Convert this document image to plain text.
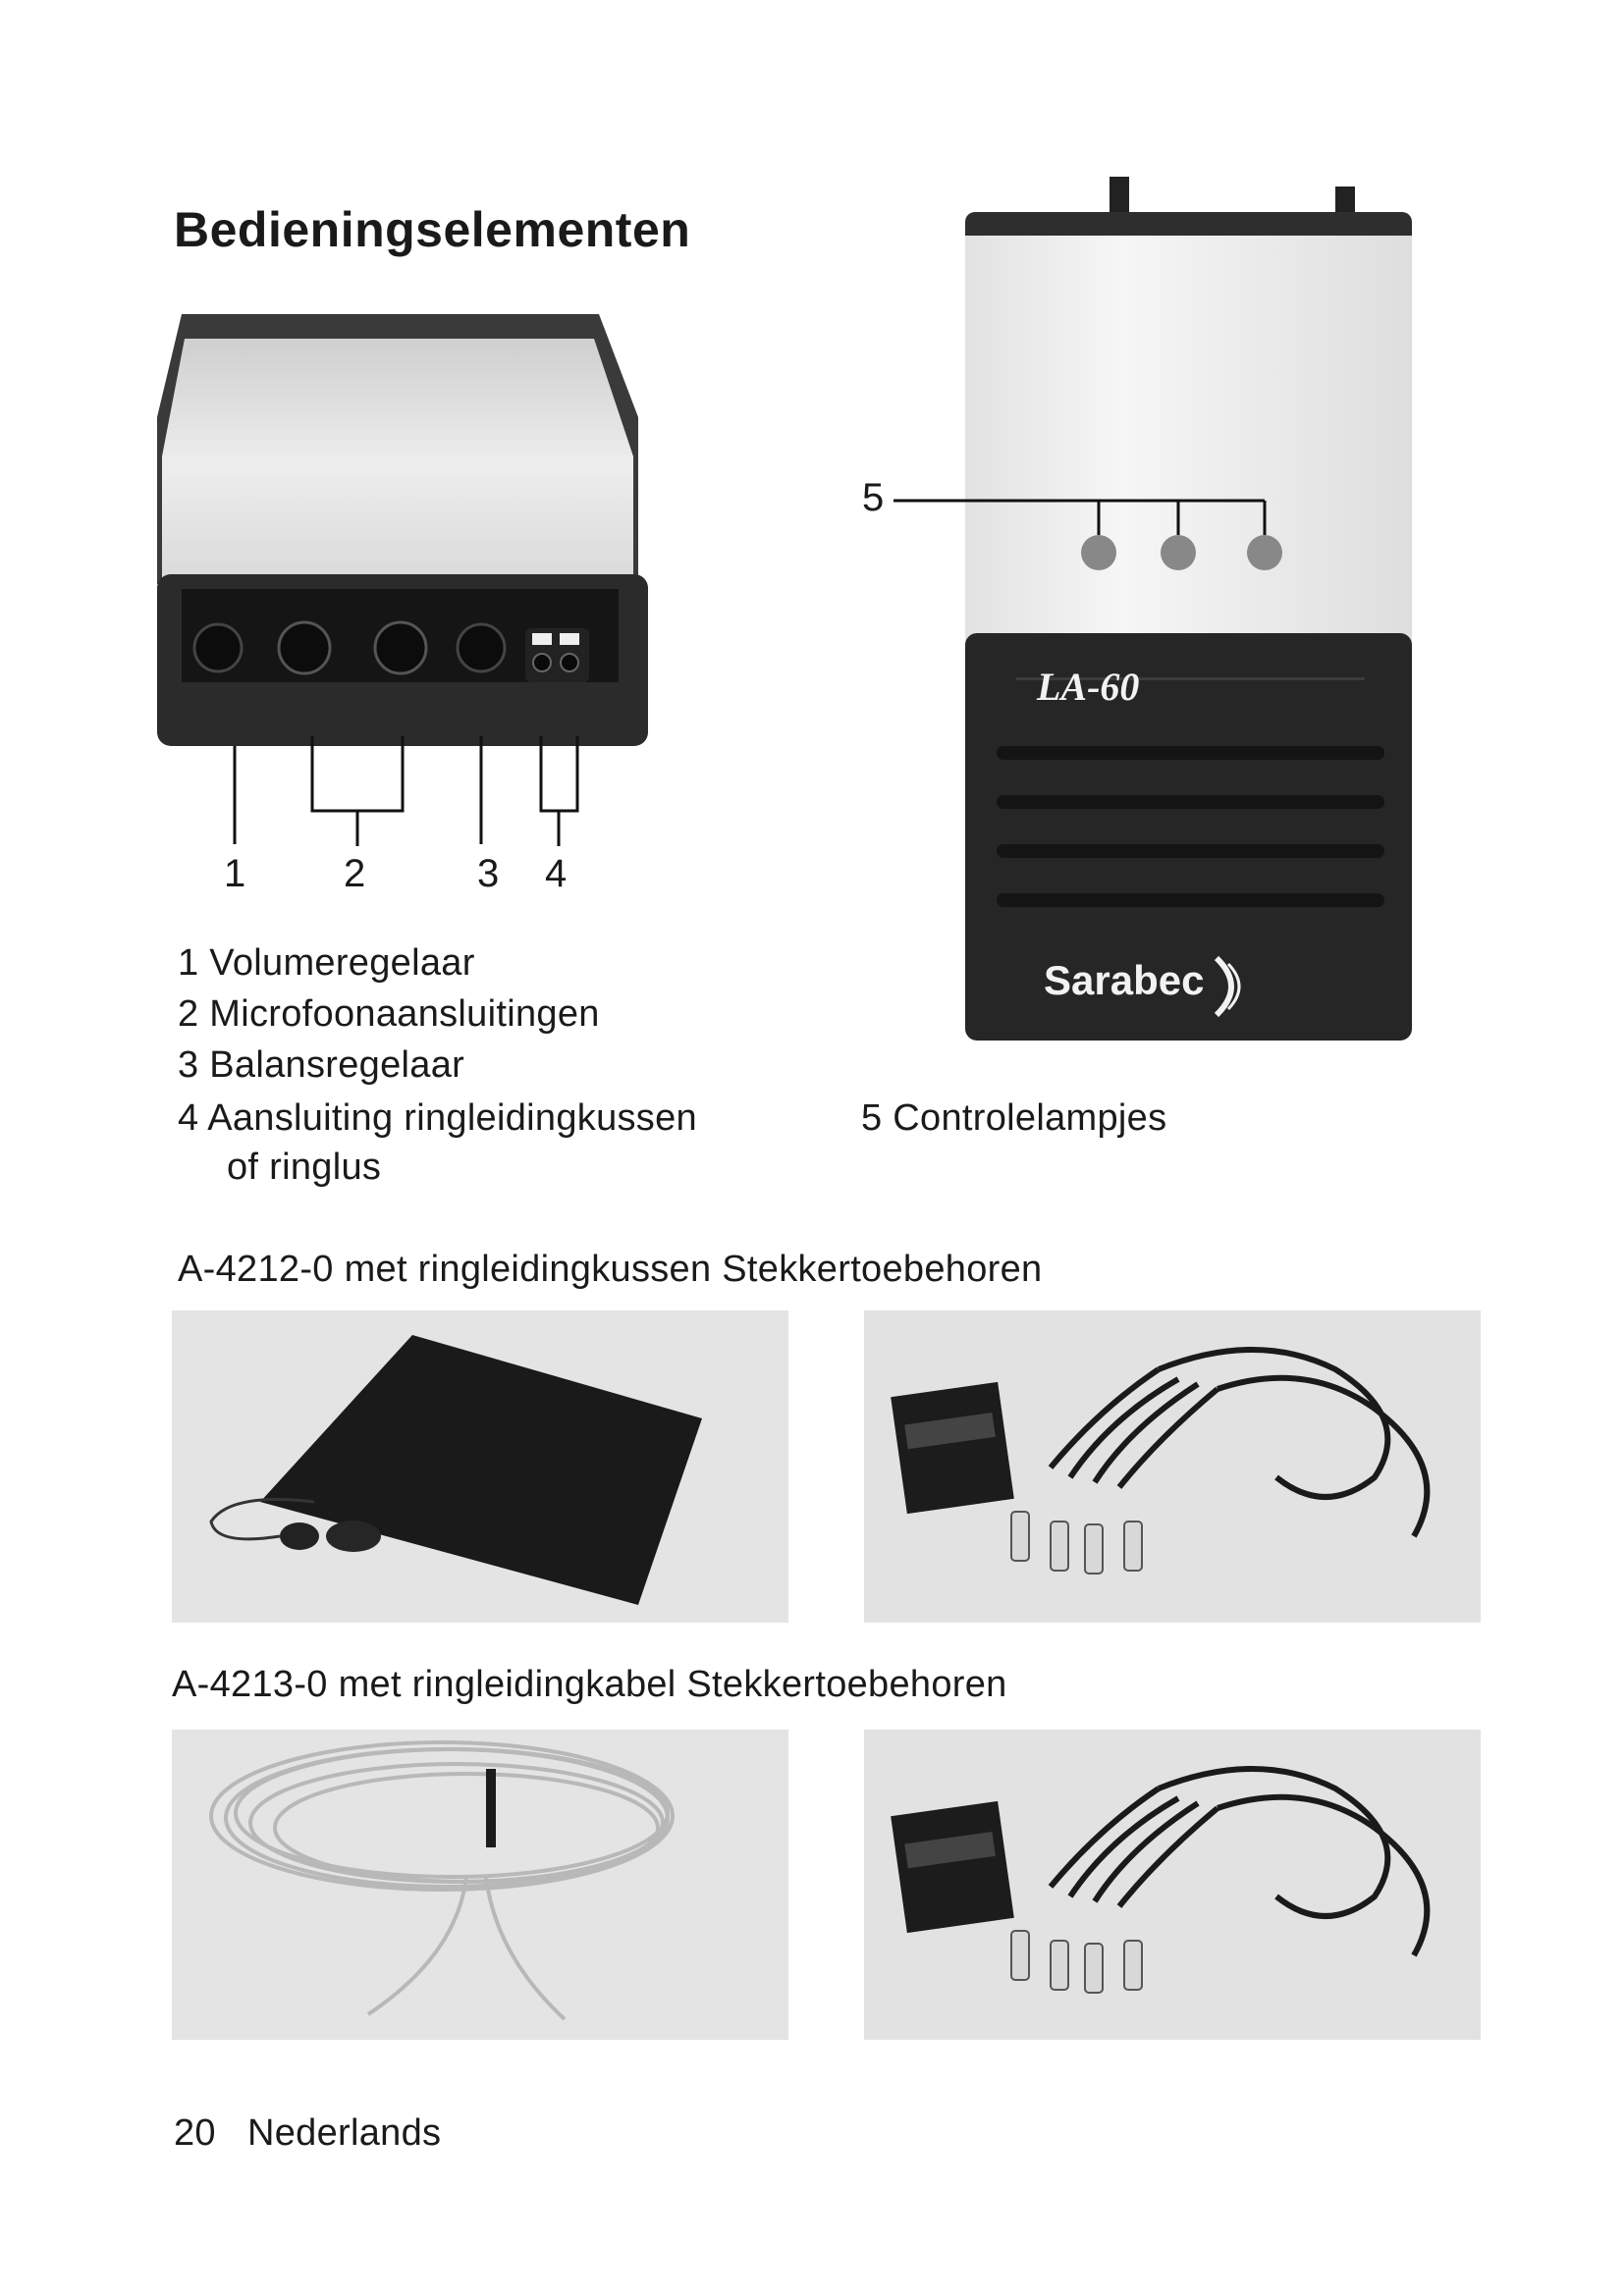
Bedieningselementen
1 2	3 4
LA-60
Sarabec
5
1 Volumeregelaar
2 Microfoonaansluitingen
3 Balansregelaar
4 Aansluiting ringleidingkussen
of ringlus
5 Controlelampjes
A-4212-0 met ringleidingkussen Stekkertoebehoren
A-4213-0 met ringleidingkabel Stekkertoebehoren
20 Nederlands
